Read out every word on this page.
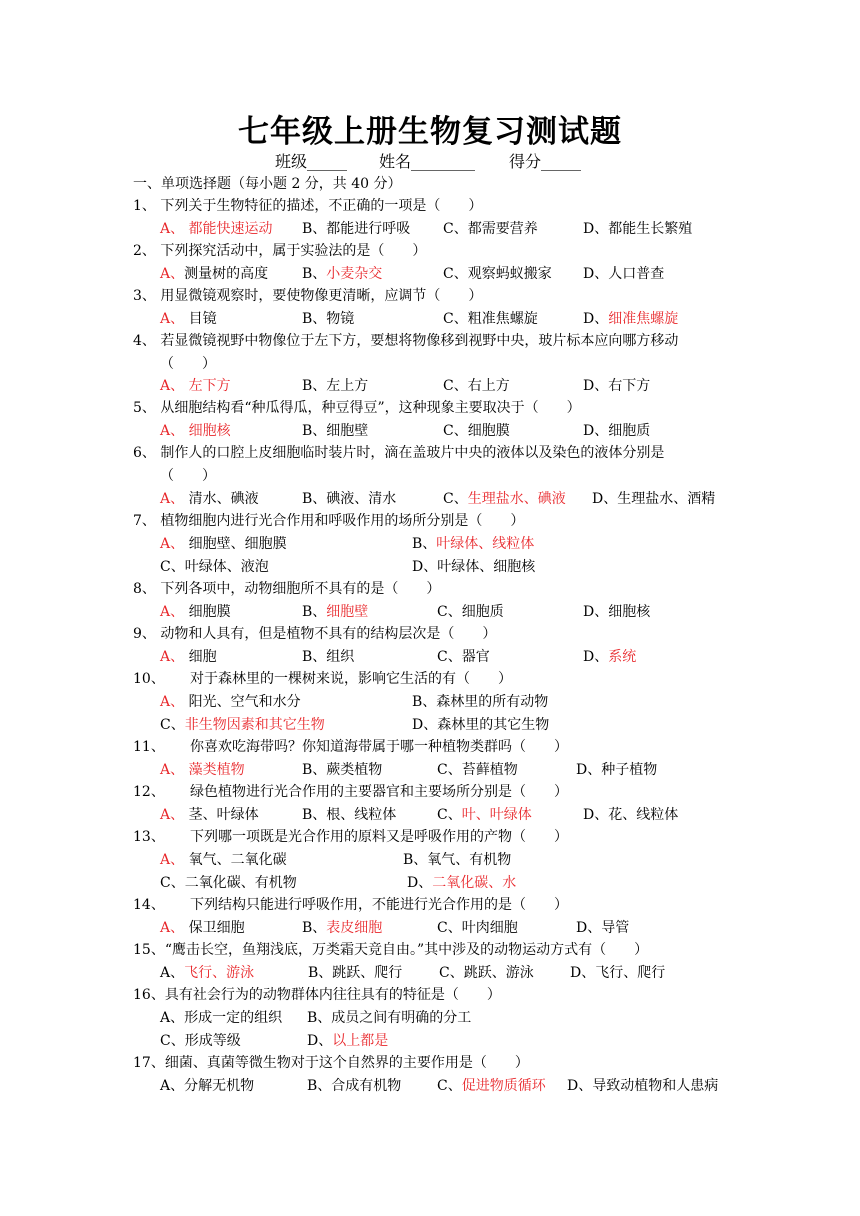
七年级上册生物复习测试题
班级_____ 姓名________ 得分_____
一、单项选择题（每小题 2 分，共 40 分）
1、 下列关于生物特征的描述，不正确的一项是（　　）
A、 都能快速运动 B、都能进行呼吸 C、都需要营养	D、都能生长繁殖
2、 下列探究活动中，属于实验法的是（　　）
A、测量树的高度 B、小麦杂交	C、观察蚂蚁搬家 D、人口普查
3、 用显微镜观察时，要使物像更清晰，应调节（　　）
A、 目镜	B、物镜	C、粗准焦螺旋	D、细准焦螺旋
4、 若显微镜视野中物像位于左下方，要想将物像移到视野中央，玻片标本应向哪方移动
（　　）
A、 左下方	B、左上方	C、右上方	D、右下方
5、 从细胞结构看“种瓜得瓜，种豆得豆”，这种现象主要取决于（　　）
A、 细胞核	B、细胞壁	C、细胞膜	D、细胞质
6、 制作人的口腔上皮细胞临时装片时，滴在盖玻片中央的液体以及染色的液体分别是
（　　）
A、 清水、碘液	B、碘液、清水	C、生理盐水、碘液 D、生理盐水、酒精
7、 植物细胞内进行光合作用和呼吸作用的场所分别是（　　）
A、 细胞壁、细胞膜	B、叶绿体、线粒体
C、叶绿体、液泡	D、叶绿体、细胞核
8、 下列各项中，动物细胞所不具有的是（　　）
A、 细胞膜	B、细胞壁	C、细胞质	D、细胞核
9、 动物和人具有，但是植物不具有的结构层次是（　　）
A、 细胞	B、组织	C、器官	D、系统
10、 对于森林里的一棵树来说，影响它生活的有（　　）
A、 阳光、空气和水分	B、森林里的所有动物
C、非生物因素和其它生物	D、森林里的其它生物
11、 你喜欢吃海带吗？你知道海带属于哪一种植物类群吗（　　）
A、 藻类植物	B、蕨类植物	C、苔藓植物	D、种子植物
12、 绿色植物进行光合作用的主要器官和主要场所分别是（　　）
A、 茎、叶绿体	B、根、线粒体	C、叶、叶绿体	D、花、线粒体
13、 下列哪一项既是光合作用的原料又是呼吸作用的产物（　　）
A、 氧气、二氧化碳	B、氧气、有机物
C、二氧化碳、有机物	D、二氧化碳、水
14、 下列结构只能进行呼吸作用，不能进行光合作用的是（　　）
A、 保卫细胞	B、表皮细胞	C、叶肉细胞	D、导管
15、“鹰击长空，鱼翔浅底，万类霜天竞自由。”其中涉及的动物运动方式有（　　）
A、飞行、游泳	B、跳跃、爬行	C、跳跃、游泳	D、飞行、爬行
16、具有社会行为的动物群体内往往具有的特征是（　　）
A、形成一定的组织 B、成员之间有明确的分工
C、形成等级	D、以上都是
17、细菌、真菌等微生物对于这个自然界的主要作用是（　　）
A、分解无机物	B、合成有机物	C、促进物质循环 D、导致动植物和人患病
